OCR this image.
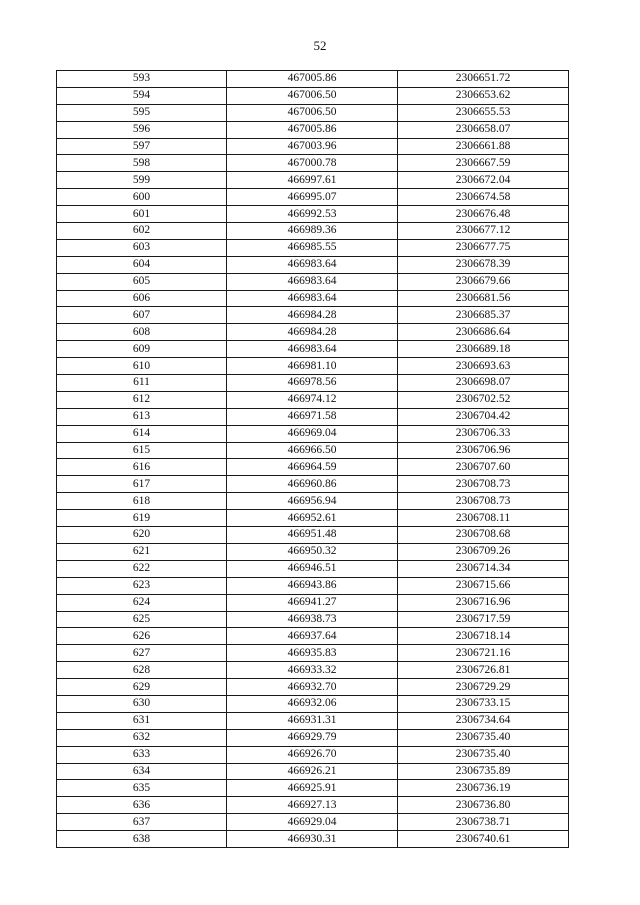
52
593	467005.86	2306651.72
594	467006.50	2306653.62
595	467006.50	2306655.53
596	467005.86	2306658.07
597	467003.96	2306661.88
598	467000.78	2306667.59
599	466997.61	2306672.04
600	466995.07	2306674.58
601	466992.53	2306676.48
602	466989.36	2306677.12
603	466985.55	2306677.75
604	466983.64	2306678.39
605	466983.64	2306679.66
606	466983.64	2306681.56
607	466984.28	2306685.37
608	466984.28	2306686.64
609	466983.64	2306689.18
610	466981.10	2306693.63
611	466978.56	2306698.07
612	466974.12	2306702.52
613	466971.58	2306704.42
614	466969.04	2306706.33
615	466966.50	2306706.96
616	466964.59	2306707.60
617	466960.86	2306708.73
618	466956.94	2306708.73
619	466952.61	2306708.11
620	466951.48	2306708.68
621	466950.32	2306709.26
622	466946.51	2306714.34
623	466943.86	2306715.66
624	466941.27	2306716.96
625	466938.73	2306717.59
626	466937.64	2306718.14
627	466935.83	2306721.16
628	466933.32	2306726.81
629	466932.70	2306729.29
630	466932.06	2306733.15
631	466931.31	2306734.64
632	466929.79	2306735.40
633	466926.70	2306735.40
634	466926.21	2306735.89
635	466925.91	2306736.19
636	466927.13	2306736.80
637	466929.04	2306738.71
638	466930.31	2306740.61
